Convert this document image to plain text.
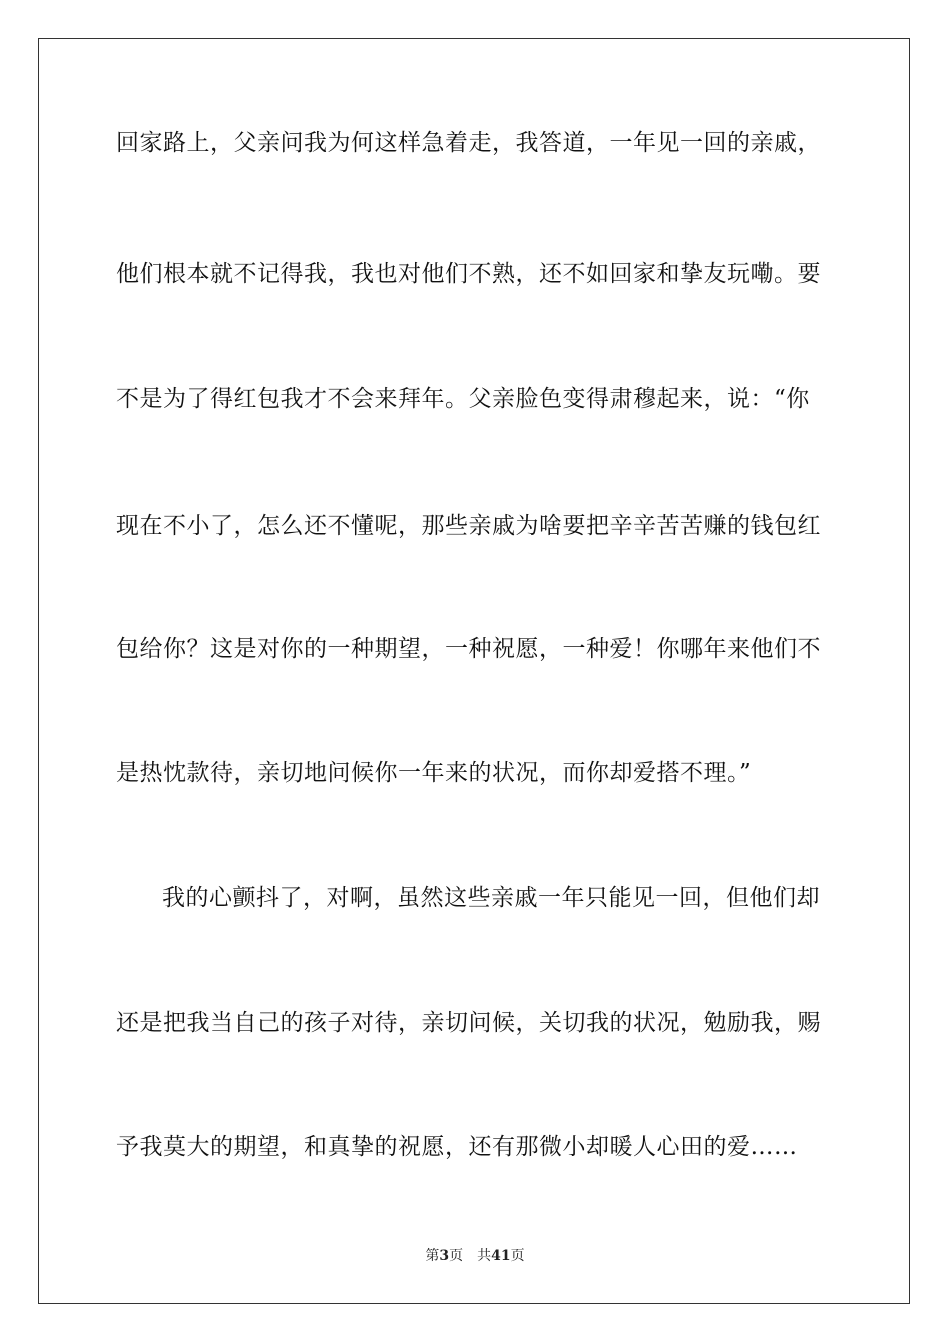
回家路上，父亲问我为何这样急着走，我答道，一年见一回的亲戚，
他们根本就不记得我，我也对他们不熟，还不如回家和挚友玩嘞。要
不是为了得红包我才不会来拜年。父亲脸色变得肃穆起来，说：“你
现在不小了，怎么还不懂呢，那些亲戚为啥要把辛辛苦苦赚的钱包红
包给你？这是对你的一种期望，一种祝愿，一种爱！你哪年来他们不
是热忱款待，亲切地问候你一年来的状况，而你却爱搭不理。”
我的心颤抖了，对啊，虽然这些亲戚一年只能见一回，但他们却
还是把我当自己的孩子对待，亲切问候，关切我的状况，勉励我，赐
予我莫大的期望，和真挚的祝愿，还有那微小却暖人心田的爱……
第3页 共41页
